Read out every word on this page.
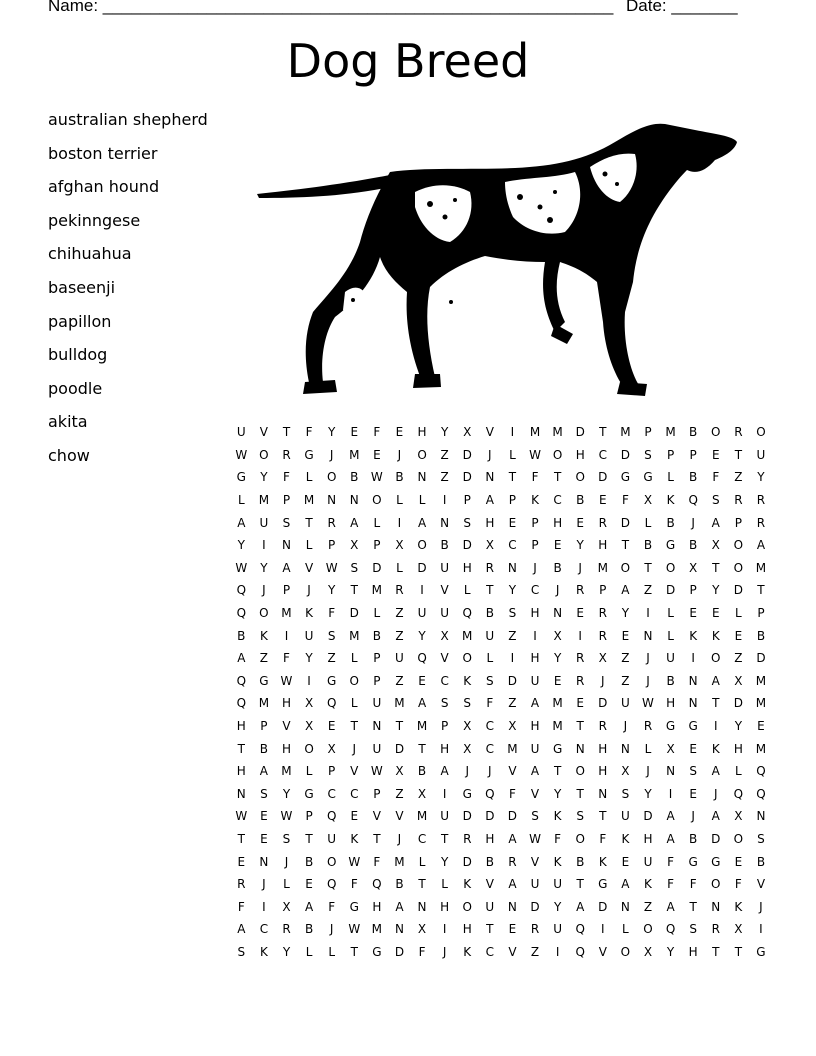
Name: ______________________________________________________ Date: _______
Dog Breed
australian shepherd
boston terrier
afghan hound
pekinngese
chihuahua
baseenji
papillon
bulldog
poodle
akita
chow
U	V	T	F	Y	E	F	E	H	Y	X	V	I	M	M	D	T	M	P	M	B	O	R	O
W	O	R	G	J	M	E	J	O	Z	D	J	L	W	O	H	C	D	S	P	P	E	T	U
G	Y	F	L	O	B	W	B	N	Z	D	N	T	F	T	O	D	G	G	L	B	F	Z	Y
L	M	P	M	N	N	O	L	L	I	P	A	P	K	C	B	E	F	X	K	Q	S	R	R
A	U	S	T	R	A	L	I	A	N	S	H	E	P	H	E	R	D	L	B	J	A	P	R
Y	I	N	L	P	X	P	X	O	B	D	X	C	P	E	Y	H	T	B	G	B	X	O	A
W	Y	A	V	W	S	D	L	D	U	H	R	N	J	B	J	M	O	T	O	X	T	O	M
Q	J	P	J	Y	T	M	R	I	V	L	T	Y	C	J	R	P	A	Z	D	P	Y	D	T
Q	O	M	K	F	D	L	Z	U	U	Q	B	S	H	N	E	R	Y	I	L	E	E	L	P
B	K	I	U	S	M	B	Z	Y	X	M	U	Z	I	X	I	R	E	N	L	K	K	E	B
A	Z	F	Y	Z	L	P	U	Q	V	O	L	I	H	Y	R	X	Z	J	U	I	O	Z	D
Q	G	W	I	G	O	P	Z	E	C	K	S	D	U	E	R	J	Z	J	B	N	A	X	M
Q	M	H	X	Q	L	U	M	A	S	S	F	Z	A	M	E	D	U	W	H	N	T	D	M
H	P	V	X	E	T	N	T	M	P	X	C	X	H	M	T	R	J	R	G	G	I	Y	E
T	B	H	O	X	J	U	D	T	H	X	C	M	U	G	N	H	N	L	X	E	K	H	M
H	A	M	L	P	V	W	X	B	A	J	J	V	A	T	O	H	X	J	N	S	A	L	Q
N	S	Y	G	C	C	P	Z	X	I	G	Q	F	V	Y	T	N	S	Y	I	E	J	Q	Q
W	E	W	P	Q	E	V	V	M	U	D	D	D	S	K	S	T	U	D	A	J	A	X	N
T	E	S	T	U	K	T	J	C	T	R	H	A	W	F	O	F	K	H	A	B	D	O	S
E	N	J	B	O	W	F	M	L	Y	D	B	R	V	K	B	K	E	U	F	G	G	E	B
R	J	L	E	Q	F	Q	B	T	L	K	V	A	U	U	T	G	A	K	F	F	O	F	V
F	I	X	A	F	G	H	A	N	H	O	U	N	D	Y	A	D	N	Z	A	T	N	K	J
A	C	R	B	J	W	M	N	X	I	H	T	E	R	U	Q	I	L	O	Q	S	R	X	I
S	K	Y	L	L	T	G	D	F	J	K	C	V	Z	I	Q	V	O	X	Y	H	T	T	G
